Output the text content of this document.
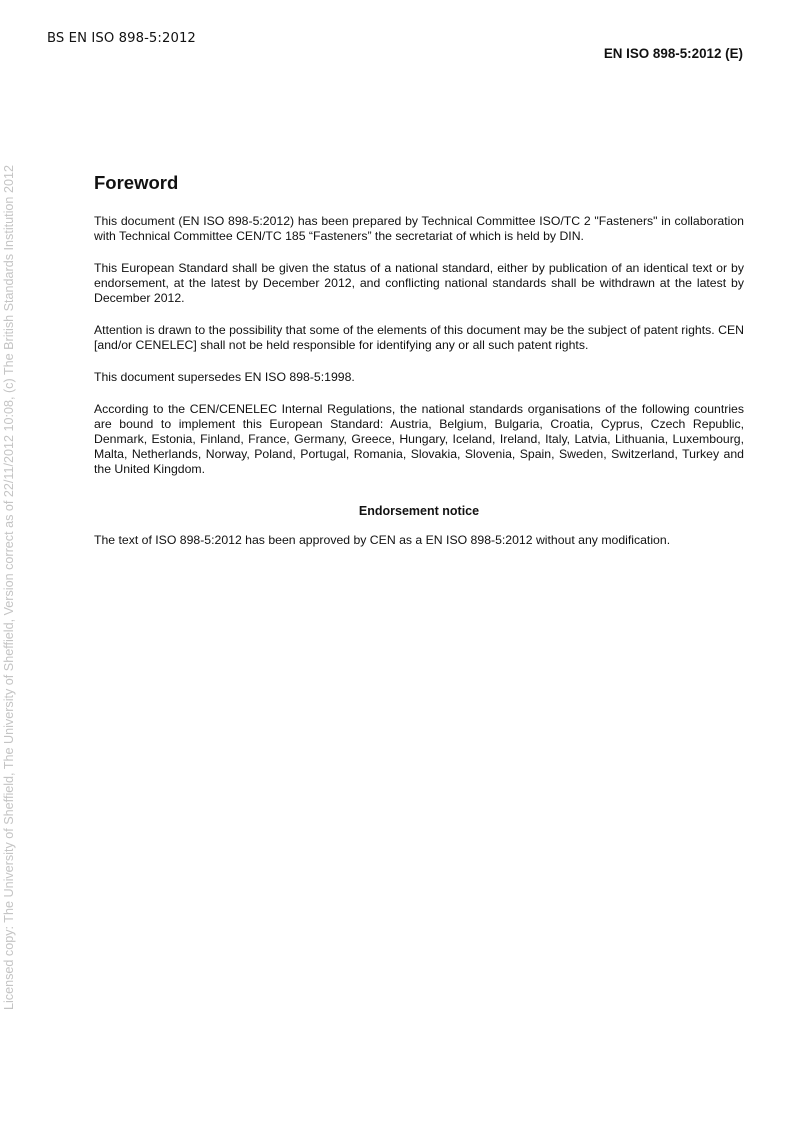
BS EN ISO 898-5:2012
EN ISO 898-5:2012 (E)
Licensed copy: The University of Sheffield, The University of Sheffield, Version correct as of 22/11/2012 10:08, (c) The British Standards Institution 2012	Foreword

This document (EN ISO 898-5:2012) has been prepared by Technical Committee ISO/TC 2 "Fasteners" in collaboration with Technical Committee CEN/TC 185 “Fasteners” the secretariat of which is held by DIN.

This European Standard shall be given the status of a national standard, either by publication of an identical text or by endorsement, at the latest by December 2012, and conflicting national standards shall be withdrawn at the latest by December 2012.

Attention is drawn to the possibility that some of the elements of this document may be the subject of patent rights. CEN [and/or CENELEC] shall not be held responsible for identifying any or all such patent rights.

This document supersedes EN ISO 898-5:1998.

According to the CEN/CENELEC Internal Regulations, the national standards organisations of the following countries are bound to implement this European Standard: Austria, Belgium, Bulgaria, Croatia, Cyprus, Czech Republic, Denmark, Estonia, Finland, France, Germany, Greece, Hungary, Iceland, Ireland, Italy, Latvia, Lithuania, Luxembourg, Malta, Netherlands, Norway, Poland, Portugal, Romania, Slovakia, Slovenia, Spain, Sweden, Switzerland, Turkey and the United Kingdom.

Endorsement notice

The text of ISO 898-5:2012 has been approved by CEN as a EN ISO 898-5:2012 without any modification.
